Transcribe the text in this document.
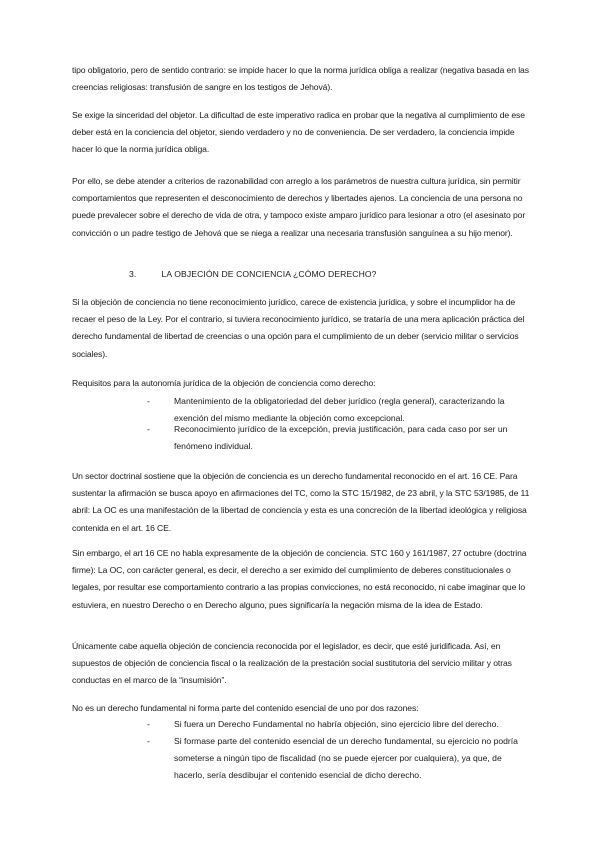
tipo obligatorio, pero de sentido contrario: se impide hacer lo que la norma jurídica obliga a realizar (negativa basada en las creencias religiosas: transfusión de sangre en los testigos de Jehová).

Se exige la sinceridad del objetor. La dificultad de este imperativo radica en probar que la negativa al cumplimiento de ese deber está en la conciencia del objetor, siendo verdadero y no de conveniencia. De ser verdadero, la conciencia impide hacer lo que la norma jurídica obliga.

Por ello, se debe atender a criterios de razonabilidad con arreglo a los parámetros de nuestra cultura jurídica, sin permitir comportamientos que representen el desconocimiento de derechos y libertades ajenos. La conciencia de una persona no puede prevalecer sobre el derecho de vida de otra, y tampoco existe amparo jurídico para lesionar a otro (el asesinato por convicción o un padre testigo de Jehová que se niega a realizar una necesaria transfusión sanguínea a su hijo menor).

3.	LA OBJECIÓN DE CONCIENCIA ¿CÓMO DERECHO?

Si la objeción de conciencia no tiene reconocimiento jurídico, carece de existencia jurídica, y sobre el incumplidor ha de recaer el peso de la Ley. Por el contrario, si tuviera reconocimiento jurídico, se trataría de una mera aplicación práctica del derecho fundamental de libertad de creencias o una opción para el cumplimiento de un deber (servicio militar o servicios sociales).

Requisitos para la autonomía jurídica de la objeción de conciencia como derecho:

-	Mantenimiento de la obligatoriedad del deber jurídico (regla general), caracterizando la exención del mismo mediante la objeción como excepcional.
-	Reconocimiento jurídico de la excepción, previa justificación, para cada caso por ser un fenómeno individual.

Un sector doctrinal sostiene que la objeción de conciencia es un derecho fundamental reconocido en el art. 16 CE. Para sustentar la afirmación se busca apoyo en afirmaciones del TC, como la STC 15/1982, de 23 abril, y la STC 53/1985, de 11 abril: La OC es una manifestación de la libertad de conciencia y esta es una concreción de la libertad ideológica y religiosa contenida en el art. 16 CE.

Sin embargo, el art 16 CE no habla expresamente de la objeción de conciencia. STC 160 y 161/1987, 27 octubre (doctrina firme): La OC, con carácter general, es decir, el derecho a ser eximido del cumplimiento de deberes constitucionales o legales, por resultar ese comportamiento contrario a las propias convicciones, no está reconocido, ni cabe imaginar que lo estuviera, en nuestro Derecho o en Derecho alguno, pues significaría la negación misma de la idea de Estado.

Únicamente cabe aquella objeción de conciencia reconocida por el legislador, es decir, que esté juridificada. Así, en supuestos de objeción de conciencia fiscal o la realización de la prestación social sustitutoria del servicio militar y otras conductas en el marco de la “insumisión”.

No es un derecho fundamental ni forma parte del contenido esencial de uno por dos razones:

-	Si fuera un Derecho Fundamental no habría objeción, sino ejercicio libre del derecho.
-	Si formase parte del contenido esencial de un derecho fundamental, su ejercicio no podría someterse a ningún tipo de fiscalidad (no se puede ejercer por cualquiera), ya que, de hacerlo, sería desdibujar el contenido esencial de dicho derecho.
